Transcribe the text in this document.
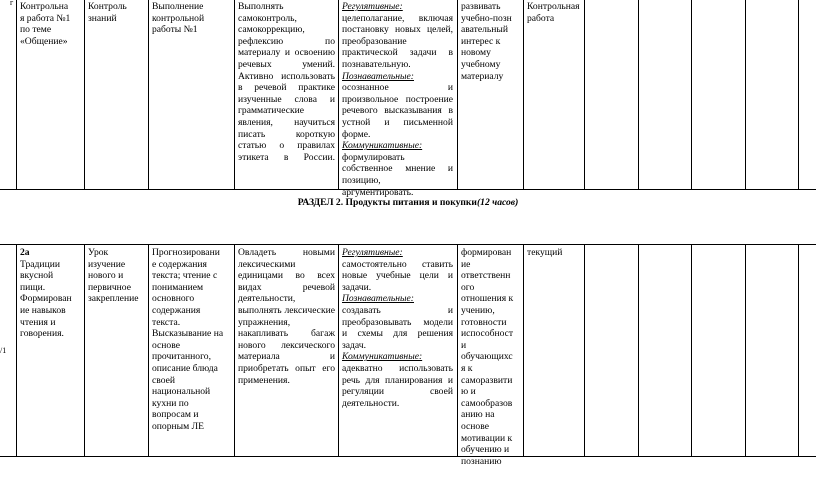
г Контрольна
я работа №1
по теме
«Общение»
Контроль
знаний
Выполнение
контрольной
работы №1
Выполнять
самоконтроль,
самокоррекцию,
рефлексию по
материалу и освоению
речевых умений.
Активно использовать
в речевой практике
изученные слова и
грамматические
явления, научиться
писать короткую
статью о правилах
этикета в России.
Регулятивные:
целеполагание, включая
постановку новых целей,
преобразование
практической задачи в
познавательную.
Познавательные:
осознанное и
произвольное построение
речевого высказывания в
устной и письменной
форме.
Коммуникативные:
формулировать
собственное мнение и
позицию,
аргументировать.
развивать
учебно-позн
авательный
интерес к
новому
учебному
материалу
Контрольная
работа
РАЗДЕЛ 2. Продукты питания и покупки(12 часов)
/1
2а
Традиции
вкусной
пищи.
Формирован
ие навыков
чтения и
говорения.
Урок
изучение
нового и
первичное
закрепление
Прогнозировани
е содержания
текста; чтение с
пониманием
основного
содержания
текста.
Высказывание на
основе
прочитанного,
описание блюда
своей
национальной
кухни по
вопросам и
опорным ЛЕ
Овладеть новыми
лексическими
единицами во всех
видах речевой
деятельности,
выполнять лексические
упражнения,
накапливать багаж
нового лексического
материала и
приобретать опыт его
применения.
Регулятивные:
самостоятельно ставить
новые учебные цели и
задачи.
Познавательные:
создавать и
преобразовывать модели
и схемы для решения
задач.
Коммуникативные:
адекватно использовать
речь для планирования и
регуляции своей
деятельности.
формирован
ие
ответственн
ого
отношения к
учению,
готовности
испособност
и
обучающихс
я к
саморазвити
ю и
самообразов
анию на
основе
мотивации к
обучению и
познанию
текущий
